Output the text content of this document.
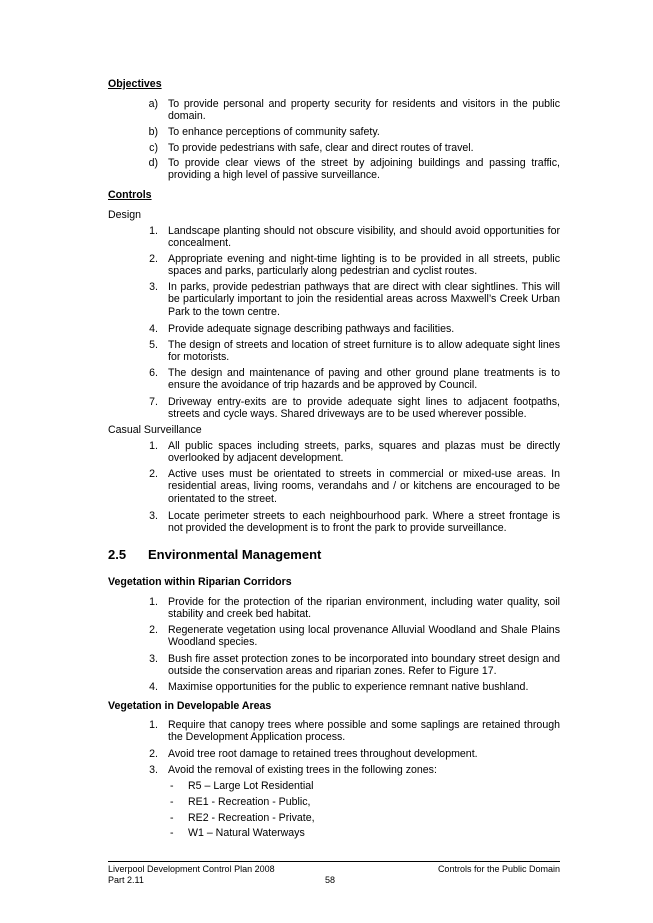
Objectives
a) To provide personal and property security for residents and visitors in the public domain.
b) To enhance perceptions of community safety.
c) To provide pedestrians with safe, clear and direct routes of travel.
d) To provide clear views of the street by adjoining buildings and passing traffic, providing a high level of passive surveillance.
Controls
Design
1. Landscape planting should not obscure visibility, and should avoid opportunities for concealment.
2. Appropriate evening and night-time lighting is to be provided in all streets, public spaces and parks, particularly along pedestrian and cyclist routes.
3. In parks, provide pedestrian pathways that are direct with clear sightlines. This will be particularly important to join the residential areas across Maxwell’s Creek Urban Park to the town centre.
4. Provide adequate signage describing pathways and facilities.
5. The design of streets and location of street furniture is to allow adequate sight lines for motorists.
6. The design and maintenance of paving and other ground plane treatments is to ensure the avoidance of trip hazards and be approved by Council.
7. Driveway entry-exits are to provide adequate sight lines to adjacent footpaths, streets and cycle ways. Shared driveways are to be used wherever possible.
Casual Surveillance
1. All public spaces including streets, parks, squares and plazas must be directly overlooked by adjacent development.
2. Active uses must be orientated to streets in commercial or mixed-use areas. In residential areas, living rooms, verandahs and / or kitchens are encouraged to be orientated to the street.
3. Locate perimeter streets to each neighbourhood park. Where a street frontage is not provided the development is to front the park to provide surveillance.
2.5 Environmental Management
Vegetation within Riparian Corridors
1. Provide for the protection of the riparian environment, including water quality, soil stability and creek bed habitat.
2. Regenerate vegetation using local provenance Alluvial Woodland and Shale Plains Woodland species.
3. Bush fire asset protection zones to be incorporated into boundary street design and outside the conservation areas and riparian zones. Refer to Figure 17.
4. Maximise opportunities for the public to experience remnant native bushland.
Vegetation in Developable Areas
1. Require that canopy trees where possible and some saplings are retained through the Development Application process.
2. Avoid tree root damage to retained trees throughout development.
3. Avoid the removal of existing trees in the following zones:
- R5 – Large Lot Residential
- RE1 - Recreation - Public,
- RE2 - Recreation - Private,
- W1 – Natural Waterways
Liverpool Development Control Plan 2008
Part 2.11	58
Controls for the Public Domain
